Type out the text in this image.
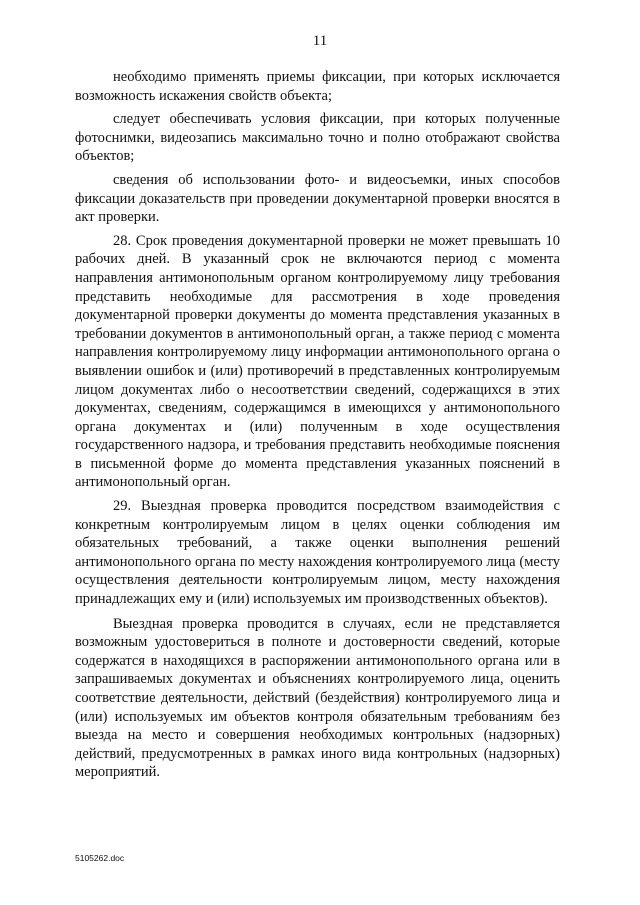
11

необходимо применять приемы фиксации, при которых исключается возможность искажения свойств объекта;

следует обеспечивать условия фиксации, при которых полученные фотоснимки, видеозапись максимально точно и полно отображают свойства объектов;

сведения об использовании фото- и видеосъемки, иных способов фиксации доказательств при проведении документарной проверки вносятся в акт проверки.

28. Срок проведения документарной проверки не может превышать 10 рабочих дней. В указанный срок не включаются период с момента направления антимонопольным органом контролируемому лицу требования представить необходимые для рассмотрения в ходе проведения документарной проверки документы до момента представления указанных в требовании документов в антимонопольный орган, а также период с момента направления контролируемому лицу информации антимонопольного органа о выявлении ошибок и (или) противоречий в представленных контролируемым лицом документах либо о несоответствии сведений, содержащихся в этих документах, сведениям, содержащимся в имеющихся у антимонопольного органа документах и (или) полученным в ходе осуществления государственного надзора, и требования представить необходимые пояснения в письменной форме до момента представления указанных пояснений в антимонопольный орган.

29. Выездная проверка проводится посредством взаимодействия с конкретным контролируемым лицом в целях оценки соблюдения им обязательных требований, а также оценки выполнения решений антимонопольного органа по месту нахождения контролируемого лица (месту осуществления деятельности контролируемым лицом, месту нахождения принадлежащих ему и (или) используемых им производственных объектов).

Выездная проверка проводится в случаях, если не представляется возможным удостовериться в полноте и достоверности сведений, которые содержатся в находящихся в распоряжении антимонопольного органа или в запрашиваемых документах и объяснениях контролируемого лица, оценить соответствие деятельности, действий (бездействия) контролируемого лица и (или) используемых им объектов контроля обязательным требованиям без выезда на место и совершения необходимых контрольных (надзорных) действий, предусмотренных в рамках иного вида контрольных (надзорных) мероприятий.

5105262.doc
